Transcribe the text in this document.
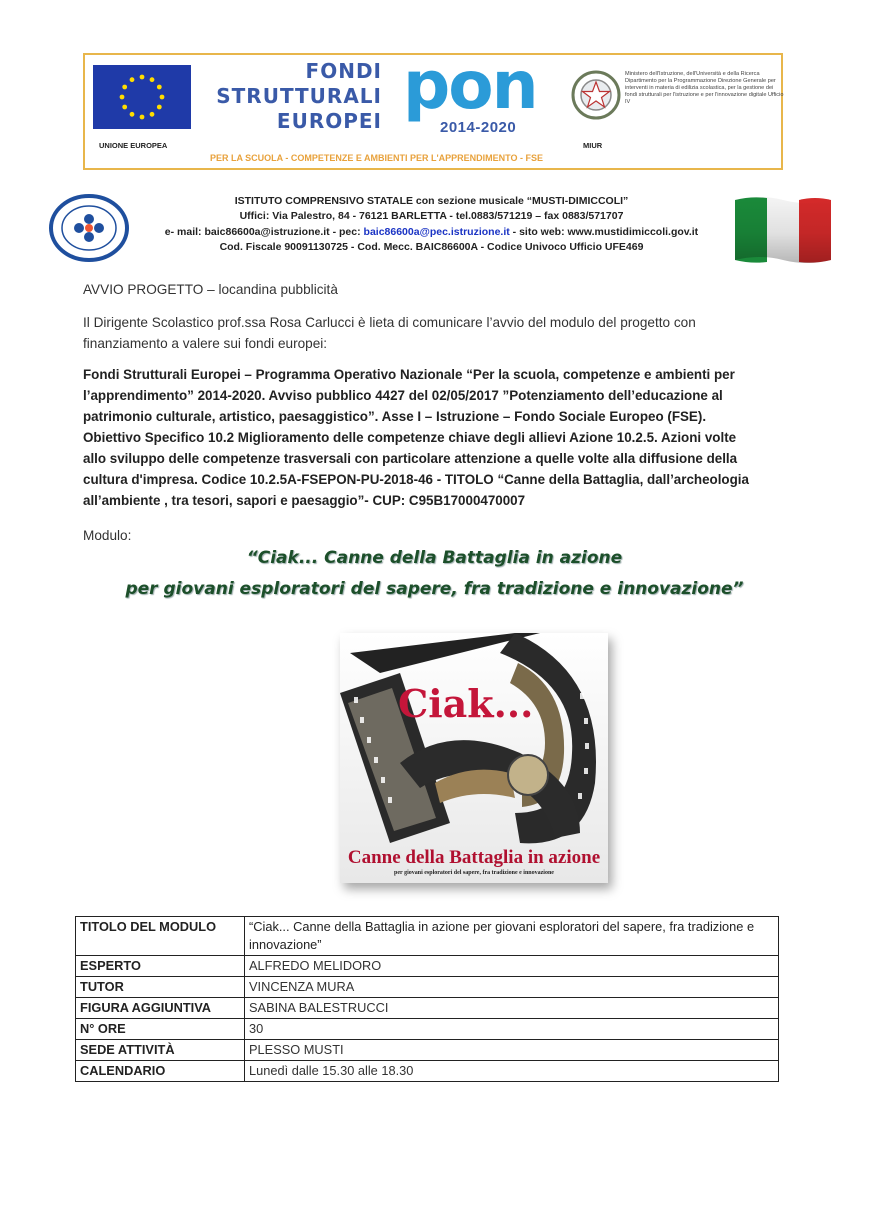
UNIONE EUROPEA
FONDI
STRUTTURALI
EUROPEI pon
2014-2020
PER LA SCUOLA - COMPETENZE E AMBIENTI PER L'APPRENDIMENTO - FSE
MIUR
Ministero dell'Istruzione, dell'Università e della Ricerca Dipartimento per la Programmazione Direzione Generale per interventi in materia di edilizia scolastica, per la gestione dei fondi strutturali per l'istruzione e per l'innovazione digitale Ufficio IV
ISTITUTO COMPRENSIVO STATALE con sezione musicale “MUSTI-DIMICCOLI”
Uffici: Via Palestro, 84 - 76121 BARLETTA - tel.0883/571219 – fax 0883/571707
e- mail: baic86600a@istruzione.it - pec: baic86600a@pec.istruzione.it - sito web: www.mustidimiccoli.gov.it
Cod. Fiscale 90091130725 - Cod. Mecc. BAIC86600A - Codice Univoco Ufficio UFE469
AVVIO PROGETTO – locandina pubblicità
Il Dirigente Scolastico prof.ssa Rosa Carlucci è lieta di comunicare l’avvio del modulo del progetto con finanziamento a valere sui fondi europei:
Fondi Strutturali Europei – Programma Operativo Nazionale “Per la scuola, competenze e ambienti per
l’apprendimento” 2014-2020. Avviso pubblico 4427 del 02/05/2017 ”Potenziamento dell’educazione al
patrimonio culturale, artistico, paesaggistico”. Asse I – Istruzione – Fondo Sociale Europeo (FSE).
Obiettivo Specifico 10.2 Miglioramento delle competenze chiave degli allievi Azione 10.2.5. Azioni volte
allo sviluppo delle competenze trasversali con particolare attenzione a quelle volte alla diffusione della
cultura d'impresa. Codice 10.2.5A-FSEPON-PU-2018-46 - TITOLO “Canne della Battaglia, dall’archeologia
all’ambiente , tra tesori, sapori e paesaggio”- CUP: C95B17000470007
Modulo:
“Ciak... Canne della Battaglia in azione
per giovani esploratori del sapere, fra tradizione e innovazione”
Ciak...
Canne della Battaglia in azione
per giovani esploratori del sapere, fra tradizione e innovazione
TITOLO DEL MODULO	“Ciak... Canne della Battaglia in azione per giovani esploratori del sapere, fra tradizione e innovazione”
ESPERTO	ALFREDO MELIDORO
TUTOR	VINCENZA MURA
FIGURA AGGIUNTIVA	SABINA BALESTRUCCI
N° ORE	30
SEDE ATTIVITÀ	PLESSO MUSTI
CALENDARIO	Lunedì dalle 15.30 alle 18.30
